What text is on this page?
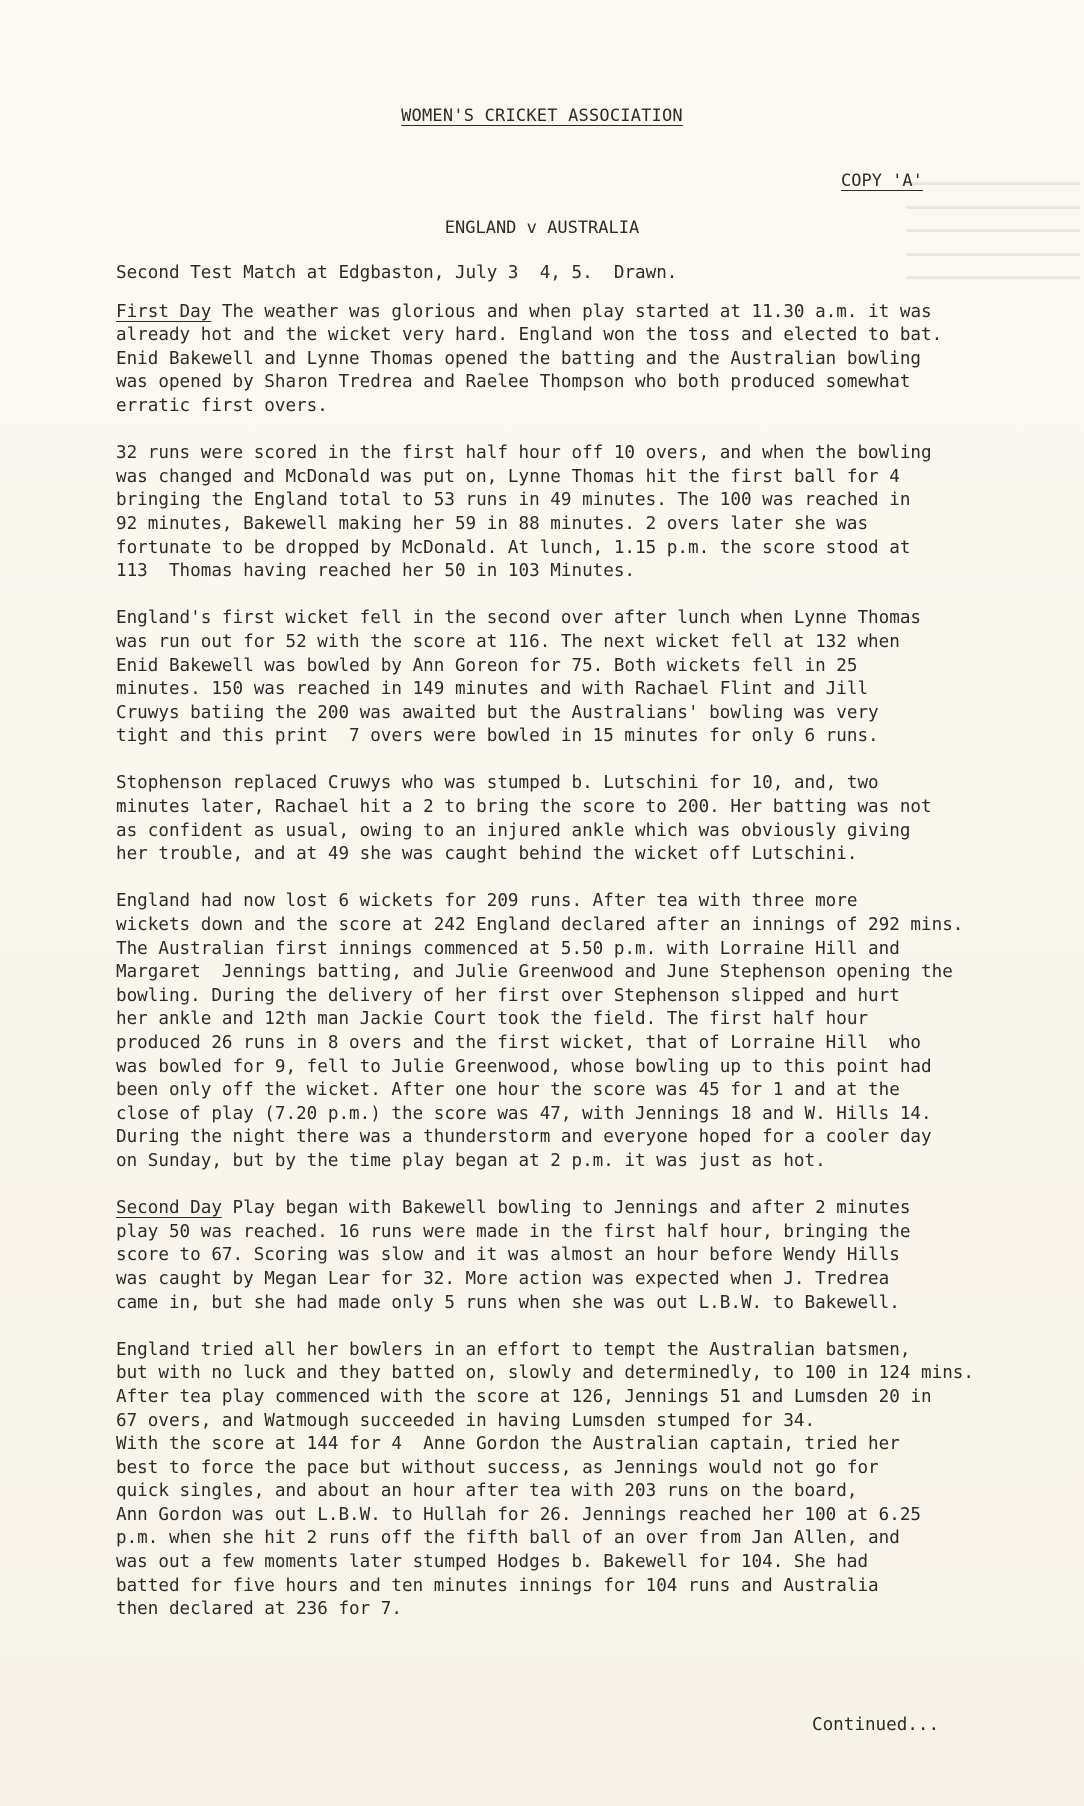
WOMEN'S CRICKET ASSOCIATION
COPY 'A'
ENGLAND v AUSTRALIA

Second Test Match at Edgbaston, July 3  4, 5.  Drawn.

First Day The weather was glorious and when play started at 11.30 a.m. it was
already hot and the wicket very hard. England won the toss and elected to bat.
Enid Bakewell and Lynne Thomas opened the batting and the Australian bowling
was opened by Sharon Tredrea and Raelee Thompson who both produced somewhat
erratic first overs.

32 runs were scored in the first half hour off 10 overs, and when the bowling
was changed and McDonald was put on, Lynne Thomas hit the first ball for 4
bringing the England total to 53 runs in 49 minutes. The 100 was reached in
92 minutes, Bakewell making her 59 in 88 minutes. 2 overs later she was
fortunate to be dropped by McDonald. At lunch, 1.15 p.m. the score stood at
113  Thomas having reached her 50 in 103 Minutes.

England's first wicket fell in the second over after lunch when Lynne Thomas
was run out for 52 with the score at 116. The next wicket fell at 132 when
Enid Bakewell was bowled by Ann Goreon for 75. Both wickets fell in 25
minutes. 150 was reached in 149 minutes and with Rachael Flint and Jill
Cruwys batiing the 200 was awaited but the Australians' bowling was very
tight and this print  7 overs were bowled in 15 minutes for only 6 runs.

Stophenson replaced Cruwys who was stumped b. Lutschini for 10, and, two
minutes later, Rachael hit a 2 to bring the score to 200. Her batting was not
as confident as usual, owing to an injured ankle which was obviously giving
her trouble, and at 49 she was caught behind the wicket off Lutschini.

England had now lost 6 wickets for 209 runs. After tea with three more
wickets down and the score at 242 England declared after an innings of 292 mins.
The Australian first innings commenced at 5.50 p.m. with Lorraine Hill and
Margaret  Jennings batting, and Julie Greenwood and June Stephenson opening the
bowling. During the delivery of her first over Stephenson slipped and hurt
her ankle and 12th man Jackie Court took the field. The first half hour
produced 26 runs in 8 overs and the first wicket, that of Lorraine Hill  who
was bowled for 9, fell to Julie Greenwood, whose bowling up to this point had
been only off the wicket. After one hour the score was 45 for 1 and at the
close of play (7.20 p.m.) the score was 47, with Jennings 18 and W. Hills 14.
During the night there was a thunderstorm and everyone hoped for a cooler day
on Sunday, but by the time play began at 2 p.m. it was just as hot.

Second Day Play began with Bakewell bowling to Jennings and after 2 minutes
play 50 was reached. 16 runs were made in the first half hour, bringing the
score to 67. Scoring was slow and it was almost an hour before Wendy Hills
was caught by Megan Lear for 32. More action was expected when J. Tredrea
came in, but she had made only 5 runs when she was out L.B.W. to Bakewell.

England tried all her bowlers in an effort to tempt the Australian batsmen,
but with no luck and they batted on, slowly and determinedly, to 100 in 124 mins.
After tea play commenced with the score at 126, Jennings 51 and Lumsden 20 in
67 overs, and Watmough succeeded in having Lumsden stumped for 34.
With the score at 144 for 4  Anne Gordon the Australian captain, tried her
best to force the pace but without success, as Jennings would not go for
quick singles, and about an hour after tea with 203 runs on the board,
Ann Gordon was out L.B.W. to Hullah for 26. Jennings reached her 100 at 6.25
p.m. when she hit 2 runs off the fifth ball of an over from Jan Allen, and
was out a few moments later stumped Hodges b. Bakewell for 104. She had
batted for five hours and ten minutes innings for 104 runs and Australia
then declared at 236 for 7.

Continued...
━━━━━━━━━━━━━━━━━━
━━━━━━━━━━━━━━━━━━
━━━━━━━━━━━━━━━━━━
━━━━━━━━━━━━━━━━━━
━━━━━━━━━━━━━━━━━━
